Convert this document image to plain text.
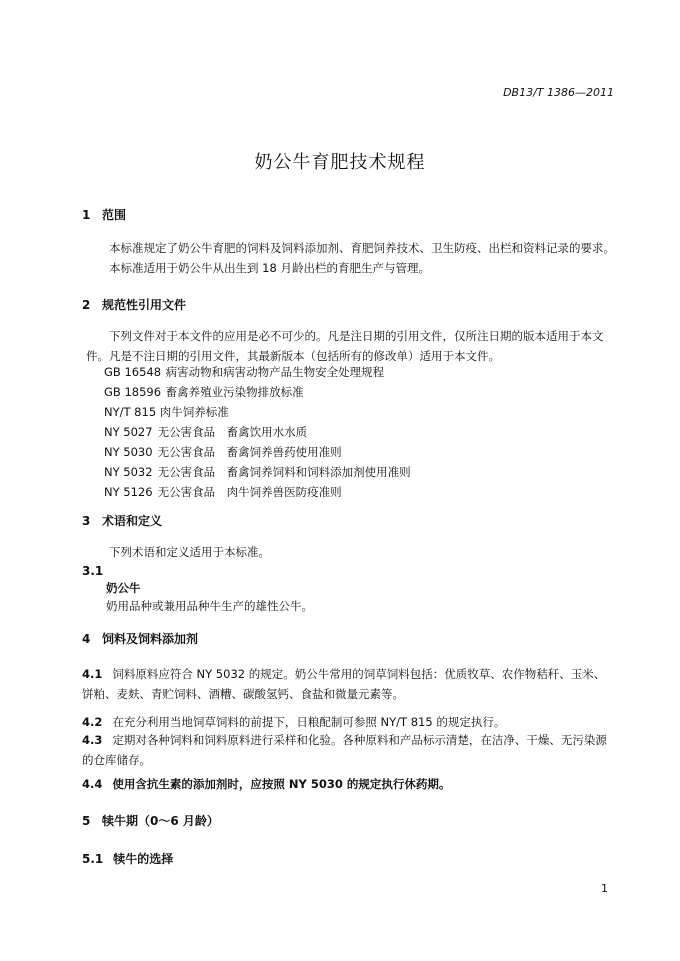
DB13/T 1386—2011
奶公牛育肥技术规程
1 范围
本标准规定了奶公牛育肥的饲料及饲料添加剂、育肥饲养技术、卫生防疫、出栏和资料记录的要求。
本标准适用于奶公牛从出生到 18 月龄出栏的育肥生产与管理。
2 规范性引用文件
下列文件对于本文件的应用是必不可少的。凡是注日期的引用文件，仅所注日期的版本适用于本文件。凡是不注日期的引用文件，其最新版本（包括所有的修改单）适用于本文件。
GB 16548 病害动物和病害动物产品生物安全处理规程
GB 18596 畜禽养殖业污染物排放标准
NY/T 815 肉牛饲养标准
NY 5027 无公害食品　畜禽饮用水水质
NY 5030 无公害食品　畜禽饲养兽药使用准则
NY 5032 无公害食品　畜禽饲养饲料和饲料添加剂使用准则
NY 5126 无公害食品　肉牛饲养兽医防疫准则
3 术语和定义
下列术语和定义适用于本标准。
3.1
奶公牛
奶用品种或兼用品种牛生产的雄性公牛。
4 饲料及饲料添加剂
4.1 饲料原料应符合 NY 5032 的规定。奶公牛常用的饲草饲料包括：优质牧草、农作物秸秆、玉米、饼粕、麦麸、青贮饲料、酒糟、碳酸氢钙、食盐和微量元素等。
4.2 在充分利用当地饲草饲料的前提下，日粮配制可参照 NY/T 815 的规定执行。
4.3 定期对各种饲料和饲料原料进行采样和化验。各种原料和产品标示清楚，在洁净、干燥、无污染源的仓库储存。
4.4 使用含抗生素的添加剂时，应按照 NY 5030 的规定执行休药期。
5 犊牛期（0～6 月龄）
5.1 犊牛的选择
1
